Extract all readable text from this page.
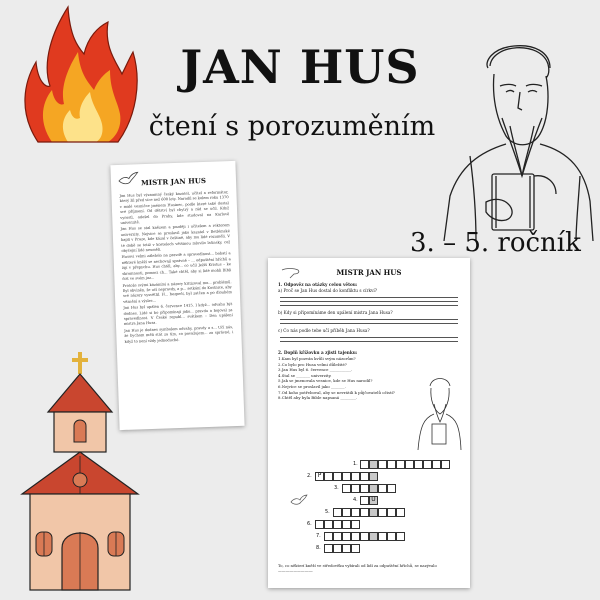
JAN HUS
čtení s porozuměním
3. – 5. ročník
MISTR JAN HUS
Jan Hus byl významný český kazatel, učitel a reformátor, který žil před více než 600 lety. Narodil se kolem roku 1370 v malé vesničce jménem Husinec, podle které také dostal své příjmení. Od dětství byl chytrý a rád se učil. Když vyrostl, odešel do Prahy, kde studoval na Karlově univerzitě.
Jan Hus se stal knězem a později i učitelem a rektorem univerzity. Nejvíce se proslavil jako kazatel v Betlémské kapli v Praze, kde kázal v češtině, aby mu lidé rozuměli. V té době se totiž v kostelech většinou mluvilo latinsky, což obyčejní lidé neuměli.
Husovi velmi záleželo na pravdě a spravedlnost... bohatí a některé kněží se nechovají správně – ... odpuštění hříchů a žijí v přepychu. Hus chtěl, aby... co učil Ježíš Kristus – ke skromnosti, pomoci ch... Také chtěl, aby si lidé mohli Bibli číst ve svém jaz...
Protože svými kázáními a názory kritizoval mo... problémů. Byl obviněn, že učí nepravdy, a p... setkání do Kostnice, aby své názory vysvětlil. H... bezpečí, byl zatčen a po dlouhém věznění a výslec...
Jan Hus byl upálen 6. července 1415. I když... odvahu být dodnes. Lidé si ho připomínají jako... pravdu a bojoval za spravedlnost. V České republ... svátkem – Den upálení mistra Jana Husa.
Jan Hus je dodnes symbolem odvahy, pravdy a s... Učí nás, že bychom měli stát za tím, co považujem... za správné, i když to není vždy jednoduché.
MISTR JAN HUS
1. Odpověz na otázky celou větou:
a) Proč se Jan Hus dostal do konfliktu s církví?
b) Kdy si připomínáme den upálení mistra Jana Husa?
c) Co nás podle tebe učí příběh Jana Husa?
2. Doplň křížovku a zjisti tajenku:
1.Kam byl pozván kvůli svým názorům?
2.Co bylo pro Husa velmi důležité?
3.Jan Hus byl 6. července ___________.
4.Stal se _______ univerzity.
5.Jak se jmenovala vesnice, kde se Hus narodil?
6.Nejvíce se proslavil jako _______.
7.Od koho potřeboval, aby se nevrátili k půjčovatelů očistí?
8.Chtěl aby byla Bible napsaná ________.
1.
2.
3.
4.
5.
6.
7.
8.
P
U
To, co některí kněží ve středověku vybírali od lidí za odpuštění hříchů, se nazývalo —————————.
